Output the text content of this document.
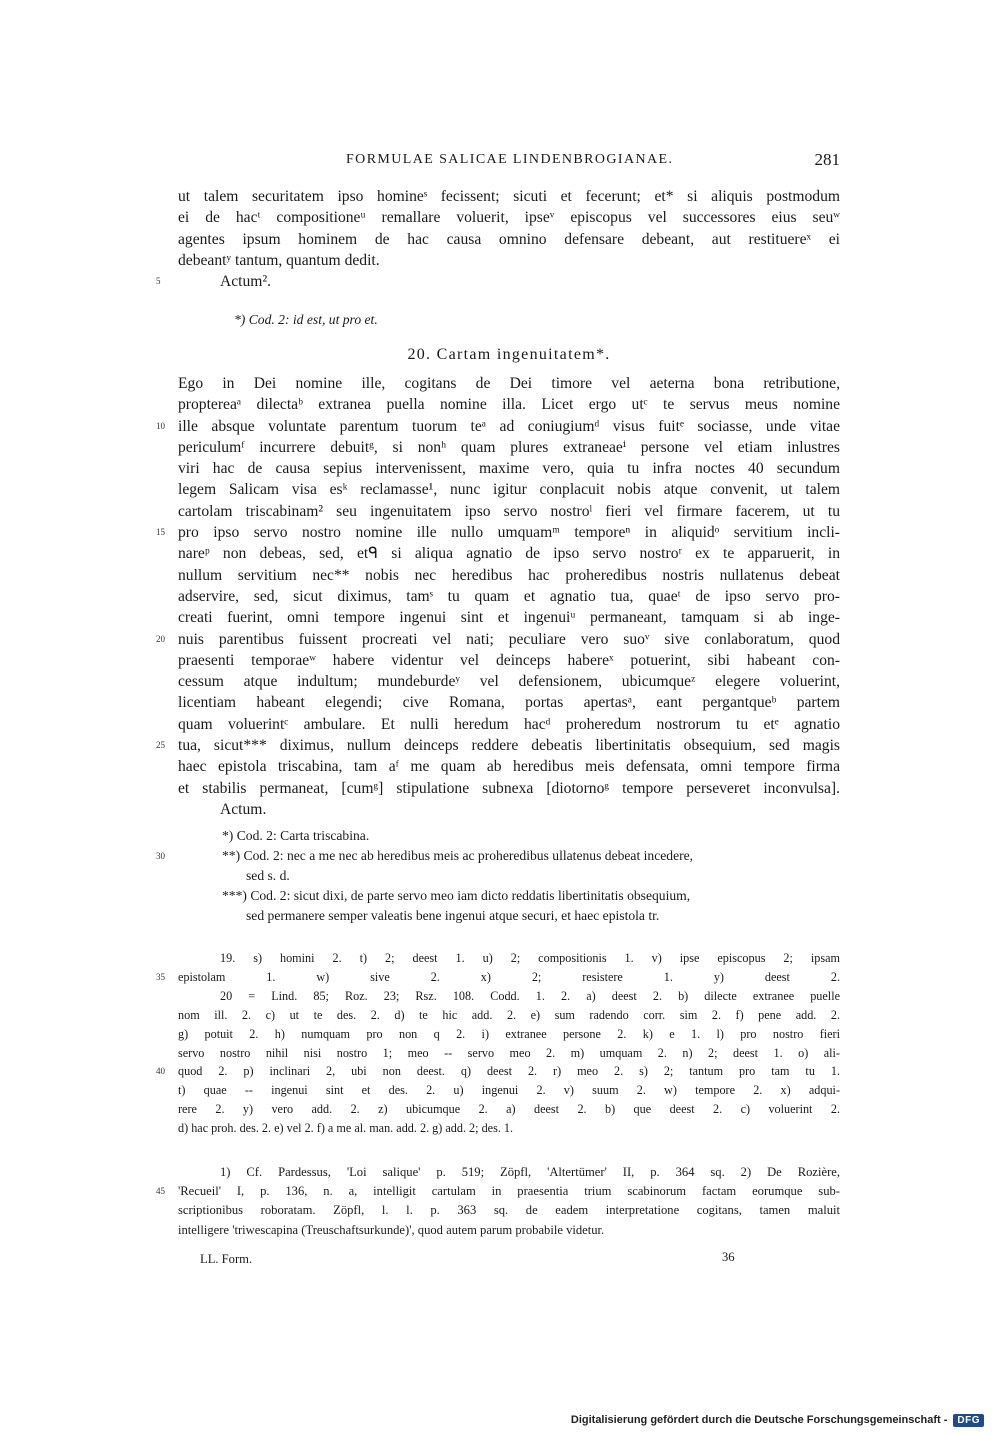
FORMULAE SALICAE LINDENBROGIANAE.	281
ut talem securitatem ipso homineˢ fecissent; sicuti et fecerunt; et* si aliquis postmodum
ei de hacᵗ compositioneᵘ remallare voluerit, ipseᵛ episcopus vel successores eius seuʷ
agentes ipsum hominem de hac causa omnino defensare debeant, aut restituereˣ ei
debeantʸ tantum, quantum dedit.
5	Actum².
*) Cod. 2: id est, ut pro et.
20. Cartam ingenuitatem*.
Ego in Dei nomine ille, cogitans de Dei timore vel aeterna bona retributione,
proptereaᵃ dilectaᵇ extranea puella nomine illa. Licet ergo utᶜ te servus meus nomine
10 ille absque voluntate parentum tuorum teᵃ ad coniugiumᵈ visus fuitᵉ sociasse, unde vitae
periculumᶠ incurrere debuitᵍ, si nonʰ quam plures extraneaeⁱ persone vel etiam inlustres
viri hac de causa sepius intervenissent, maxime vero, quia tu infra noctes 40 secundum
legem Salicam visa esᵏ reclamasse¹, nunc igitur conplacuit nobis atque convenit, ut talem
cartolam triscabinam² seu ingenuitatem ipso servo nostroˡ fieri vel firmare facerem, ut tu
15 pro ipso servo nostro nomine ille nullo umquamᵐ temporeⁿ in aliquidᵒ servitium incli-
nareᵖ non debeas, sed, etᑫ si aliqua agnatio de ipso servo nostroʳ ex te apparuerit, in
nullum servitium nec** nobis nec heredibus hac proheredibus nostris nullatenus debeat
adservire, sed, sicut diximus, tamˢ tu quam et agnatio tua, quaeᵗ de ipso servo pro-
creati fuerint, omni tempore ingenui sint et ingenuiᵘ permaneant, tamquam si ab inge-
20 nuis parentibus fuissent procreati vel nati; peculiare vero suoᵛ sive conlaboratum, quod
praesenti temporaeʷ habere videntur vel deinceps habereˣ potuerint, sibi habeant con-
cessum atque indultum; mundeburdeʸ vel defensionem, ubicumqueᶻ elegere voluerint,
licentiam habeant elegendi; cive Romana, portas apertasᵃ, eant pergantqueᵇ partem
quam voluerintᶜ ambulare. Et nulli heredum hacᵈ proheredum nostrorum tu etᵉ agnatio
25 tua, sicut*** diximus, nullum deinceps reddere debeatis libertinitatis obsequium, sed magis
haec epistola triscabina, tam aᶠ me quam ab heredibus meis defensata, omni tempore firma
et stabilis permaneat, [cumᵍ] stipulatione subnexa [diotornoᵍ tempore perseveret inconvulsa].
Actum.
*) Cod. 2: Carta triscabina.
30	**) Cod. 2: nec a me nec ab heredibus meis ac proheredibus ullatenus debeat incedere,
sed s. d.
***) Cod. 2: sicut dixi, de parte servo meo iam dicto reddatis libertinitatis obsequium,
sed permanere semper valeatis bene ingenui atque securi, et haec epistola tr.
19. s) homini 2. t) 2; deest 1. u) 2; compositionis 1. v) ipse episcopus 2; ipsam
35 epistolam 1. w) sive 2. x) 2; resistere 1. y) deest 2.
20 = Lind. 85; Roz. 23; Rsz. 108. Codd. 1. 2. a) deest 2. b) dilecte extranee puelle
nom ill. 2. c) ut te des. 2. d) te hic add. 2. e) sum radendo corr. sim 2. f) pene add. 2.
g) potuit 2. h) numquam pro non q 2. i) extranee persone 2. k) e 1. l) pro nostro fieri
servo nostro nihil nisi nostro 1; meo -- servo meo 2. m) umquam 2. n) 2; deest 1. o) ali-
40 quod 2. p) inclinari 2, ubi non deest. q) deest 2. r) meo 2. s) 2; tantum pro tam tu 1.
t) quae -- ingenui sint et des. 2. u) ingenui 2. v) suum 2. w) tempore 2. x) adqui-
rere 2. y) vero add. 2. z) ubicumque 2. a) deest 2. b) que deest 2. c) voluerint 2.
d) hac proh. des. 2. e) vel 2. f) a me al. man. add. 2. g) add. 2; des. 1.
1) Cf. Pardessus, 'Loi salique' p. 519; Zöpfl, 'Altertümer' II, p. 364 sq. 2) De Rozière,
45 'Recueil' I, p. 136, n. a, intelligit cartulam in praesentia trium scabinorum factam eorumque sub-
scriptionibus roboratam. Zöpfl, l. l. p. 363 sq. de eadem interpretatione cogitans, tamen maluit
intelligere 'triwescapina (Treuschaftsurkunde)', quod autem parum probabile videtur.
LL. Form.	36
Digitalisierung gefördert durch die Deutsche Forschungsgemeinschaft -	DFG
